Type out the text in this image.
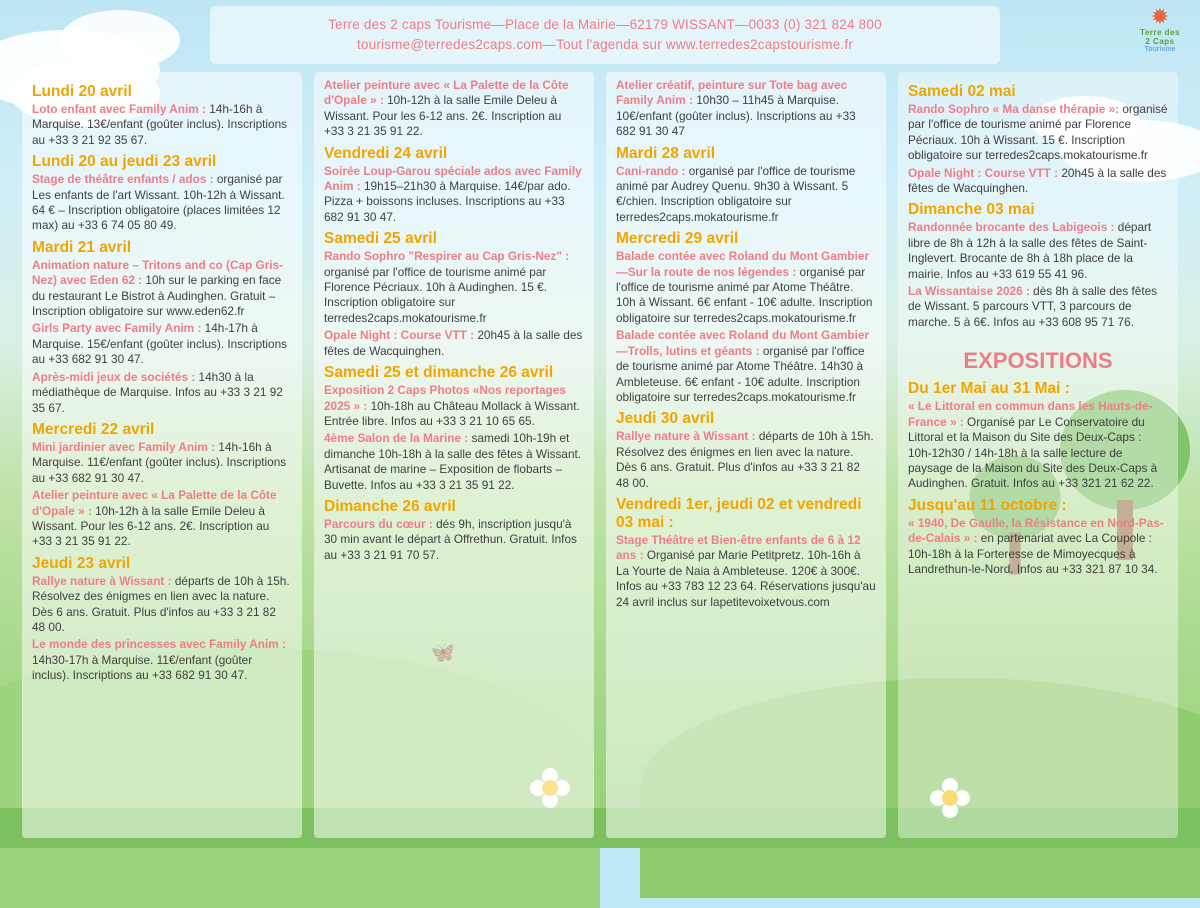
Terre des 2 caps Tourisme—Place de la Mairie—62179 WISSANT—0033 (0) 321 824 800
tourisme@terredes2caps.com—Tout l'agenda sur www.terredes2capstourisme.fr
✹
Terre des
2 Caps
Tourisme
Lundi 20 avril

Loto enfant avec Family Anim : 14h-16h à Marquise. 13€/enfant (goûter inclus). Inscriptions au +33 3 21 92 35 67.

Lundi 20 au jeudi 23 avril

Stage de théâtre enfants / ados : organisé par Les enfants de l'art Wissant. 10h-12h à Wissant. 64 € – Inscription obligatoire (places limitées 12 max) au +33 6 74 05 80 49.

Mardi 21 avril

Animation nature – Tritons and co (Cap Gris-Nez) avec Eden 62 : 10h sur le parking en face du restaurant Le Bistrot à Audinghen. Gratuit – Inscription obligatoire sur www.eden62.fr

Girls Party avec Family Anim : 14h-17h à Marquise. 15€/enfant (goûter inclus). Inscriptions au +33 682 91 30 47.

Après-midi jeux de sociétés : 14h30 à la médiathèque de Marquise. Infos au +33 3 21 92 35 67.

Mercredi 22 avril

Mini jardinier avec Family Anim : 14h-16h à Marquise. 11€/enfant (goûter inclus). Inscriptions au +33 682 91 30 47.

Atelier peinture avec « La Palette de la Côte d'Opale » : 10h-12h à la salle Emile Deleu à Wissant. Pour les 6-12 ans. 2€. Inscription au +33 3 21 35 91 22.

Jeudi 23 avril

Rallye nature à Wissant : départs de 10h à 15h. Résolvez des énigmes en lien avec la nature. Dès 6 ans. Gratuit. Plus d'infos au +33 3 21 82 48 00.

Le monde des princesses avec Family Anim : 14h30-17h à Marquise. 11€/enfant (goûter inclus). Inscriptions au +33 682 91 30 47.

Atelier peinture avec « La Palette de la Côte d'Opale » : 10h-12h à la salle Emile Deleu à Wissant. Pour les 6-12 ans. 2€. Inscription au +33 3 21 35 91 22.

Vendredi 24 avril

Soirée Loup-Garou spéciale ados avec Family Anim : 19h15–21h30 à Marquise. 14€/par ado. Pizza + boissons incluses. Inscriptions au +33 682 91 30 47.

Samedi 25 avril

Rando Sophro "Respirer au Cap Gris-Nez" : organisé par l'office de tourisme animé par Florence Pécriaux. 10h à Audinghen. 15 €. Inscription obligatoire sur terredes2caps.mokatourisme.fr

Opale Night : Course VTT : 20h45 à la salle des fêtes de Wacquinghen.

Samedi 25 et dimanche 26 avril

Exposition 2 Caps Photos «Nos reportages 2025 » : 10h-18h au Château Mollack à Wissant. Entrée libre. Infos au +33 3 21 10 65 65.

4ème Salon de la Marine : samedi 10h-19h et dimanche 10h-18h à la salle des fêtes à Wissant. Artisanat de marine – Exposition de flobarts – Buvette. Infos au +33 3 21 35 91 22.

Dimanche 26 avril

Parcours du cœur : dés 9h, inscription jusqu'à 30 min avant le départ à Offrethun. Gratuit. Infos au +33 3 21 91 70 57.

Atelier créatif, peinture sur Tote bag avec Family Anim : 10h30 – 11h45 à Marquise. 10€/enfant (goûter inclus). Inscriptions au +33 682 91 30 47

Mardi 28 avril

Cani-rando : organisé par l'office de tourisme animé par Audrey Quenu. 9h30 à Wissant. 5 €/chien. Inscription obligatoire sur terredes2caps.mokatourisme.fr

Mercredi 29 avril

Balade contée avec Roland du Mont Gambier—Sur la route de nos légendes : organisé par l'office de tourisme animé par Atome Théâtre. 10h à Wissant. 6€ enfant - 10€ adulte. Inscription obligatoire sur terredes2caps.mokatourisme.fr

Balade contée avec Roland du Mont Gambier—Trolls, lutins et géants : organisé par l'office de tourisme animé par Atome Théâtre. 14h30 à Ambleteuse. 6€ enfant - 10€ adulte. Inscription obligatoire sur terredes2caps.mokatourisme.fr

Jeudi 30 avril

Rallye nature à Wissant : départs de 10h à 15h. Résolvez des énigmes en lien avec la nature. Dès 6 ans. Gratuit. Plus d'infos au +33 3 21 82 48 00.

Vendredi 1er, jeudi 02 et vendredi 03 mai :

Stage Théâtre et Bien-être enfants de 6 à 12 ans : Organisé par Marie Petitpretz. 10h-16h à La Yourte de Naia à Ambleteuse. 120€ à 300€. Infos au +33 783 12 23 64. Réservations jusqu'au 24 avril inclus sur lapetitevoixetvous.com

Samedi 02 mai

Rando Sophro « Ma danse thérapie »: organisé par l'office de tourisme animé par Florence Pécriaux. 10h à Wissant. 15 €. Inscription obligatoire sur terredes2caps.mokatourisme.fr

Opale Night : Course VTT : 20h45 à la salle des fêtes de Wacquinghen.

Dimanche 03 mai

Randonnée brocante des Labigeois : départ libre de 8h à 12h à la salle des fêtes de Saint-Inglevert. Brocante de 8h à 18h place de la mairie. Infos au +33 619 55 41 96.

La Wissantaise 2026 : dès 8h à salle des fêtes de Wissant. 5 parcours VTT, 3 parcours de marche. 5 à 6€. Infos au +33 608 95 71 76.

EXPOSITIONS
Du 1er Mai au 31 Mai :

« Le Littoral en commun dans les Hauts-de-France » : Organisé par Le Conservatoire du Littoral et la Maison du Site des Deux-Caps : 10h-12h30 / 14h-18h à la salle lecture de paysage de la Maison du Site des Deux-Caps à Audinghen. Gratuit. Infos au +33 321 21 62 22.

Jusqu'au 11 octobre :

« 1940, De Gaulle, la Résistance en Nord-Pas-de-Calais » : en partenariat avec La Coupole : 10h-18h à la Forteresse de Mimoyecques à Landrethun-le-Nord. Infos au +33 321 87 10 34.
